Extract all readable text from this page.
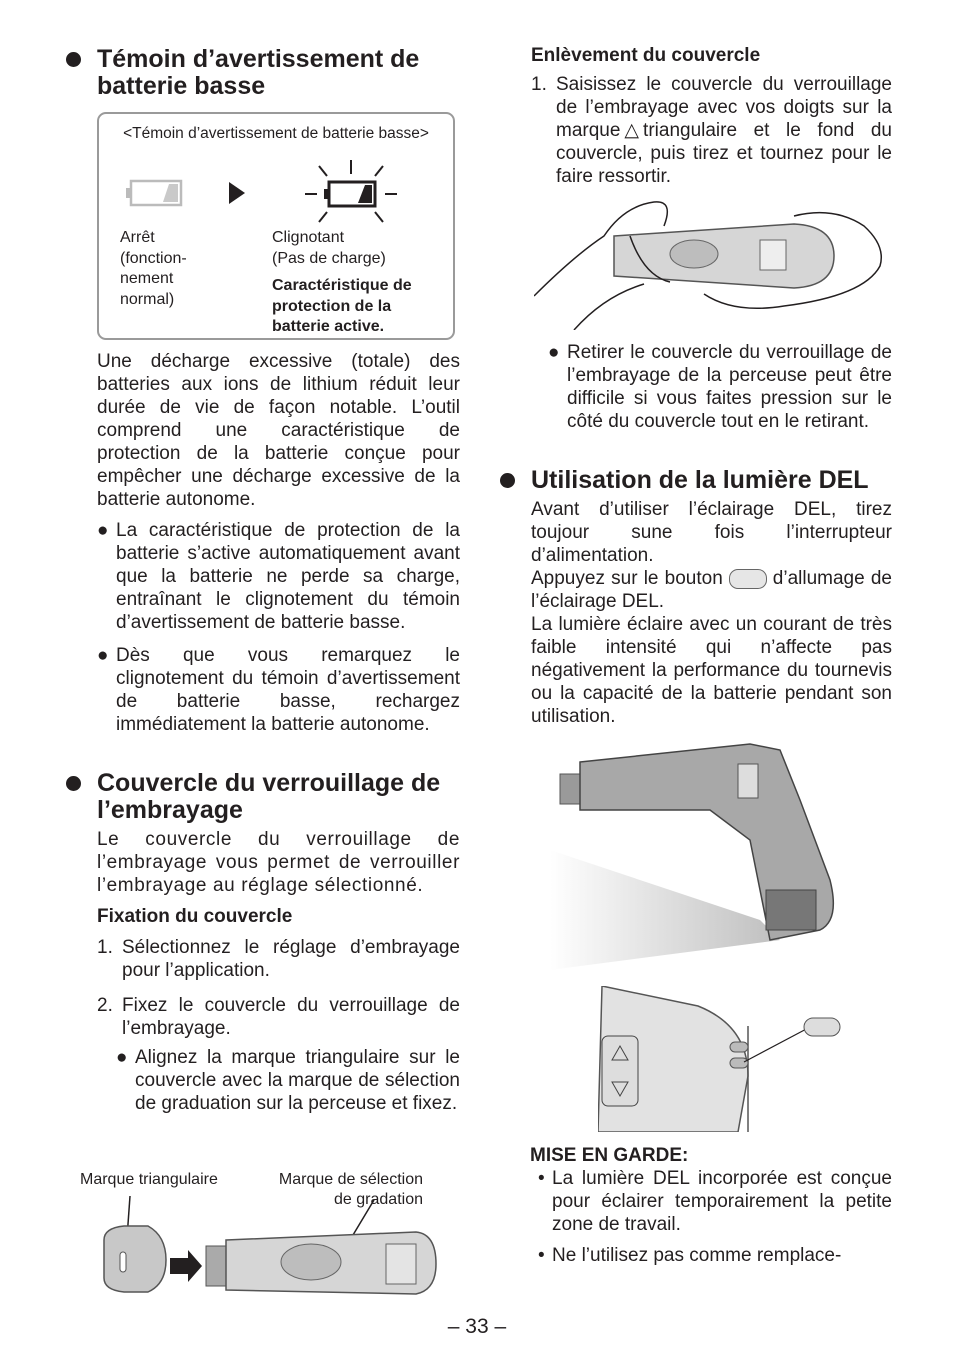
Témoin d’avertissement de batterie basse
<Témoin d’avertissement de batterie basse>
Arrêt
(fonction-
nement
normal)
Clignotant
(Pas de charge)
Caractéristique de
protection de la
batterie active.

Une décharge excessive (totale) des batteries aux ions de lithium réduit leur durée de vie de façon notable. L’outil comprend une caractéristique de protection de la batterie conçue pour empêcher une décharge excessive de la batterie autonome.

● La caractéristique de protection de la batterie s’active automatiquement avant que la batterie ne perde sa charge, entraînant le clignotement du témoin d’avertissement de batterie basse.
● Dès que vous remarquez le clignotement du témoin d’avertissement de batterie basse, rechargez immédiatement la batterie autonome.
Couvercle du verrouillage de l’embrayage

Le couvercle du verrouillage de l’embrayage vous permet de verrouiller l’embrayage au réglage sélectionné.

Fixation du couvercle
1. Sélectionnez le réglage d’embrayage pour l’application.
2. Fixez le couvercle du verrouillage de l’embrayage.
● Alignez la marque triangulaire sur le couvercle avec la marque de sélection de graduation sur la perceuse et fixez.
Marque triangulaire	Marque de sélection
de gradation
Enlèvement du couvercle
1. Saisissez le couvercle du verrouillage de l’embrayage avec vos doigts sur la marque △ triangulaire et le fond du couvercle, puis tirez et tournez pour le faire ressortir.
● Retirer le couvercle du verrouillage de l’embrayage de la perceuse peut être difficile si vous faites pression sur le côté du couvercle tout en le retirant.
Utilisation de la lumière DEL

Avant d’utiliser l’éclairage DEL, tirez toujour sune fois l’interrupteur d’alimentation.

Appuyez sur le bouton	d’allumage de l’éclairage DEL.

La lumière éclaire avec un courant de très faible intensité qui n’affecte pas négativement la performance du tournevis ou la capacité de la batterie pendant son utilisation.

MISE EN GARDE:
• La lumière DEL incorporée est conçue pour éclairer temporairement la petite zone de travail.
• Ne l’utilisez pas comme remplace-
– 33 –
